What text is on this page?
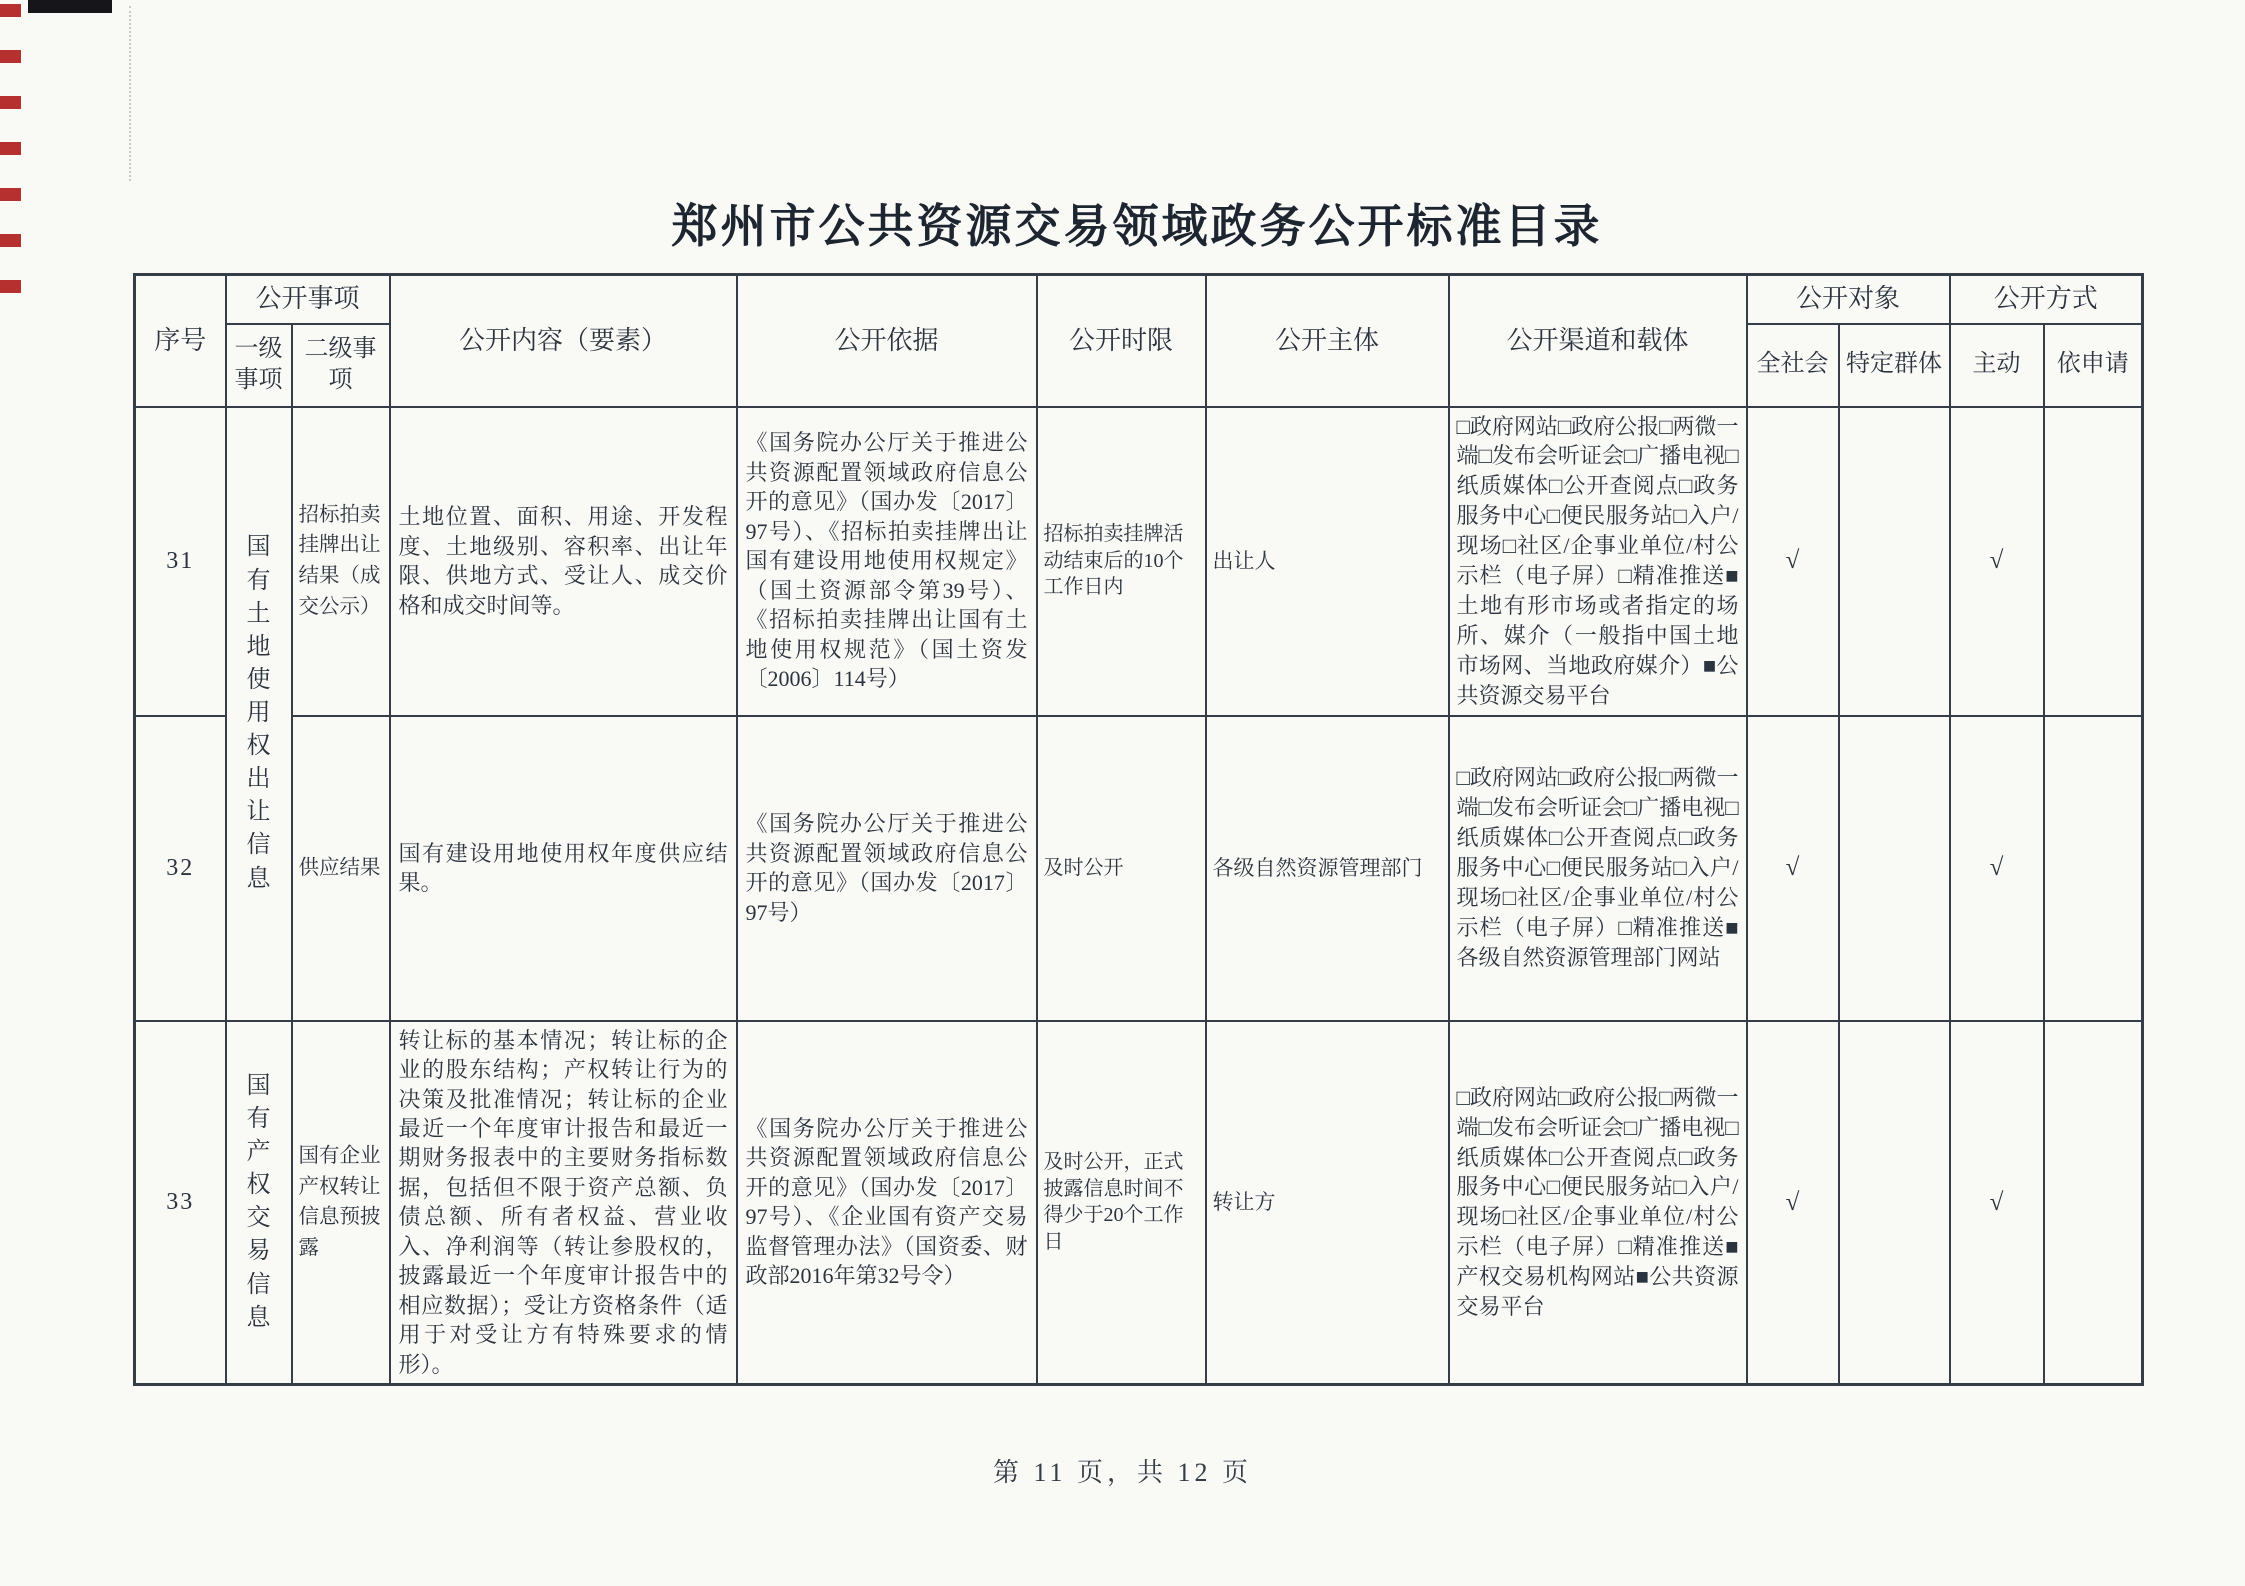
郑州市公共资源交易领域政务公开标准目录
序号	公开事项		公开内容（要素）	公开依据	公开时限	公开主体	公开渠道和载体	公开对象		公开方式	
	一级事项	二级事项						全社会	特定群体	主动	依申请
31	国有土地使用权出让信息	招标拍卖挂牌出让结果（成交公示）	土地位置、面积、用途、开发程度、土地级别、容积率、出让年限、供地方式、受让人、成交价格和成交时间等。	《国务院办公厅关于推进公共资源配置领域政府信息公开的意见》（国办发〔2017〕97号）、《招标拍卖挂牌出让国有建设用地使用权规定》（国土资源部令第39号）、《招标拍卖挂牌出让国有土地使用权规范》（国土资发〔2006〕114号）	招标拍卖挂牌活动结束后的10个工作日内	出让人	□政府网站□政府公报□两微一端□发布会听证会□广播电视□纸质媒体□公开查阅点□政务服务中心□便民服务站□入户/现场□社区/企事业单位/村公示栏（电子屏）□精准推送■土地有形市场或者指定的场所、媒介（一般指中国土地市场网、当地政府媒介）■公共资源交易平台	√		√	
32		供应结果	国有建设用地使用权年度供应结果。	《国务院办公厅关于推进公共资源配置领域政府信息公开的意见》（国办发〔2017〕97号）	及时公开	各级自然资源管理部门	□政府网站□政府公报□两微一端□发布会听证会□广播电视□纸质媒体□公开查阅点□政务服务中心□便民服务站□入户/现场□社区/企事业单位/村公示栏（电子屏）□精准推送■各级自然资源管理部门网站	√		√	
33	国有产权交易信息	国有企业产权转让信息预披露	转让标的基本情况；转让标的企业的股东结构；产权转让行为的决策及批准情况；转让标的企业最近一个年度审计报告和最近一期财务报表中的主要财务指标数据，包括但不限于资产总额、负债总额、所有者权益、营业收入、净利润等（转让参股权的，披露最近一个年度审计报告中的相应数据）；受让方资格条件（适用于对受让方有特殊要求的情形）。	《国务院办公厅关于推进公共资源配置领域政府信息公开的意见》（国办发〔2017〕97号）、《企业国有资产交易监督管理办法》（国资委、财政部2016年第32号令）	及时公开，正式披露信息时间不得少于20个工作日	转让方	□政府网站□政府公报□两微一端□发布会听证会□广播电视□纸质媒体□公开查阅点□政务服务中心□便民服务站□入户/现场□社区/企事业单位/村公示栏（电子屏）□精准推送■产权交易机构网站■公共资源交易平台	√		√	
第 11 页，共 12 页
